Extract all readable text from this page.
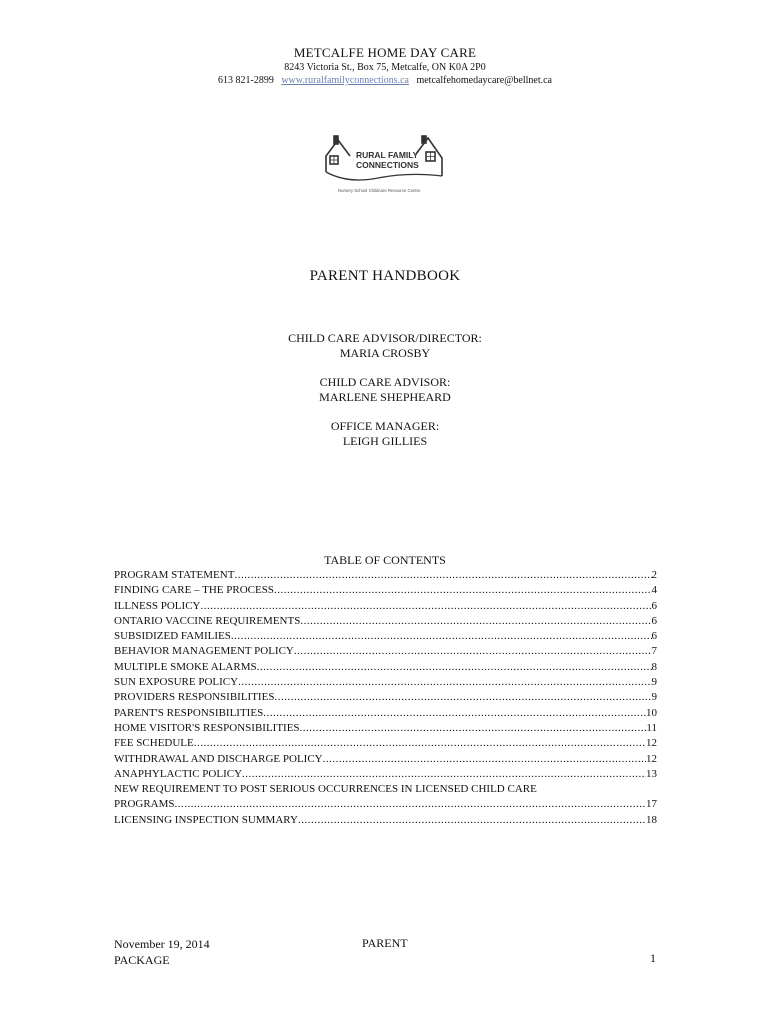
METCALFE HOME DAY CARE
8243 Victoria St., Box 75, Metcalfe, ON K0A 2P0
613 821-2899 www.ruralfamilyconnections.ca metcalfehomedaycare@bellnet.ca
RURAL FAMILY
CONNECTIONS
Nursery School Childcare Resource Centre
PARENT HANDBOOK
CHILD CARE ADVISOR/DIRECTOR:
MARIA CROSBY
CHILD CARE ADVISOR:
MARLENE SHEPHEARD
OFFICE MANAGER:
LEIGH GILLIES
TABLE OF CONTENTS
PROGRAM STATEMENT .....	2
FINDING CARE – THE PROCESS .....	4
ILLNESS POLICY .....	6
ONTARIO VACCINE REQUIREMENTS .....	6
SUBSIDIZED FAMILIES .....	6
BEHAVIOR MANAGEMENT POLICY .....	7
MULTIPLE SMOKE ALARMS .....	8
SUN EXPOSURE POLICY .....	9
PROVIDERS RESPONSIBILITIES .....	9
PARENT'S RESPONSIBILITIES .....	10
HOME VISITOR'S RESPONSIBILITIES .....	11
FEE SCHEDULE .....	12
WITHDRAWAL AND DISCHARGE POLICY .....	12
ANAPHYLACTIC POLICY .....	13
NEW REQUIREMENT TO POST SERIOUS OCCURRENCES IN LICENSED CHILD CARE
PROGRAMS .....	17
LICENSING INSPECTION SUMMARY .....	18
November 19, 2014
PACKAGE
PARENT
1
